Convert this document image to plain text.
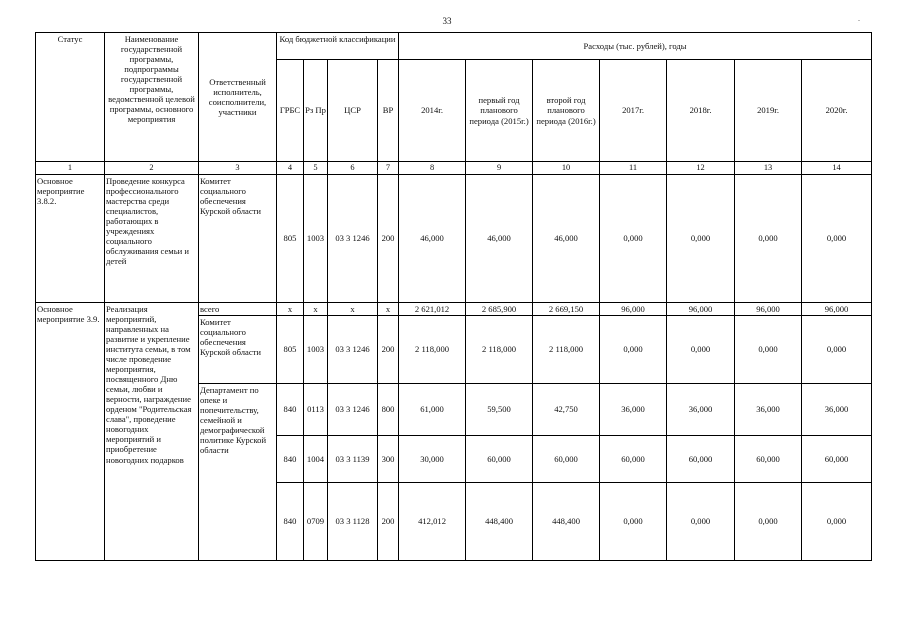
33	.
Статус	Наименование государственной программы, подпрограммы государственной программы, ведомственной целевой программы, основного мероприятия	Ответственный исполнитель, соисполнители, участники	Код бюджетной классификации				Расходы (тыс. рублей), годы						
			ГРБС	Рз Пр	ЦСР	ВР	2014г.	первый год планового периода (2015г.)	второй год планового периода (2016г.)	2017г.	2018г.	2019г.	2020г.
1	2	3	4	5	6	7	8	9	10	11	12	13	14
Основное мероприятие 3.8.2.	Проведение конкурса профессионального мастерства среди специалистов, работающих в учреждениях социального обслуживания семьи и детей	Комитет социального обеспечения Курской области	805	1003	03 3 1246	200	46,000	46,000	46,000	0,000	0,000	0,000	0,000
Основное мероприятие 3.9.	Реализация мероприятий, направленных на развитие и укрепление института семьи, в том числе проведение мероприятия, посвященного Дню семьи, любви и верности, награждение орденом "Родительская слава", проведение новогодних мероприятий и приобретение новогодних подарков	всего	х	х	х	х	2 621,012	2 685,900	2 669,150	96,000	96,000	96,000	96,000
		Комитет социального обеспечения Курской области	805	1003	03 3 1246	200	2 118,000	2 118,000	2 118,000	0,000	0,000	0,000	0,000
		Департамент по опеке и попечительству, семейной и демографической политике Курской области	840	0113	03 3 1246	800	61,000	59,500	42,750	36,000	36,000	36,000	36,000
			840	1004	03 3 1139	300	30,000	60,000	60,000	60,000	60,000	60,000	60,000
			840	0709	03 3 1128	200	412,012	448,400	448,400	0,000	0,000	0,000	0,000
